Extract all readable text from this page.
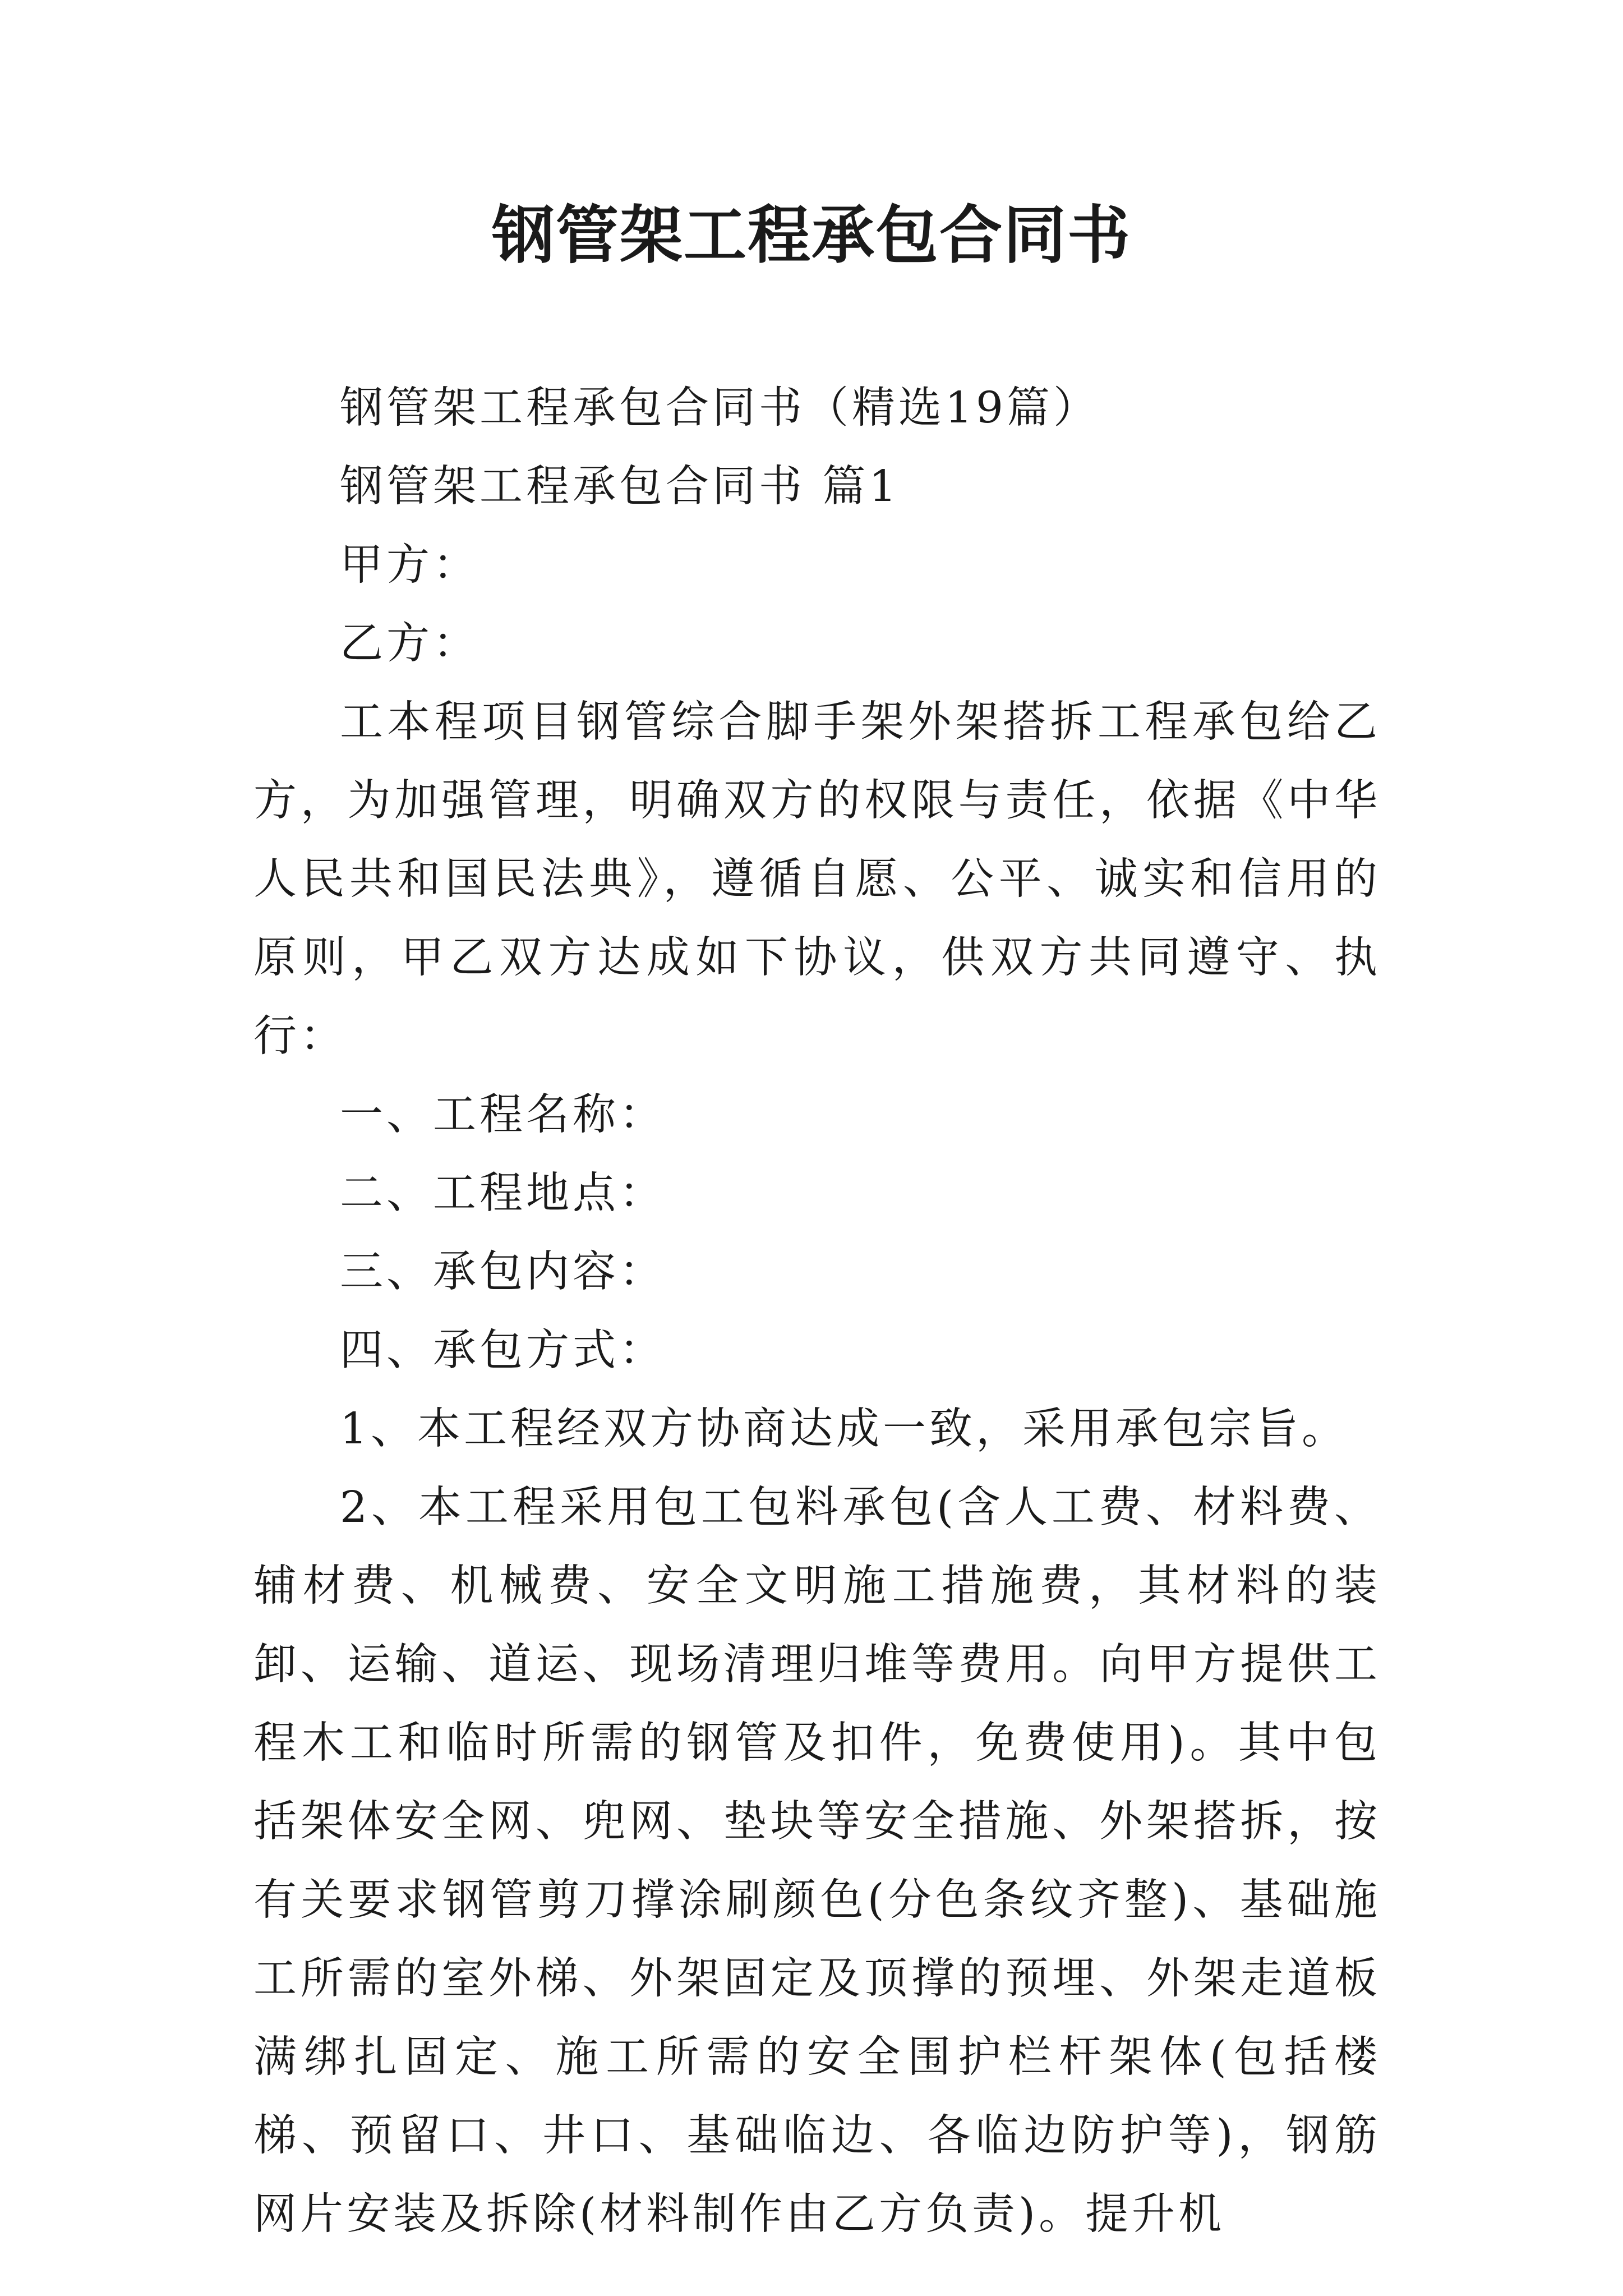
钢管架工程承包合同书

钢管架工程承包合同书（精选19篇）

钢管架工程承包合同书 篇1

甲方：

乙方：

工本程项目钢管综合脚手架外架搭拆工程承包给乙方，为加强管理，明确双方的权限与责任，依据《中华人民共和国民法典》，遵循自愿、公平、诚实和信用的原则，甲乙双方达成如下协议，供双方共同遵守、执行：

一、工程名称：

二、工程地点：

三、承包内容：

四、承包方式：

1、本工程经双方协商达成一致，采用承包宗旨。

2、本工程采用包工包料承包(含人工费、材料费、辅材费、机械费、安全文明施工措施费，其材料的装卸、运输、道运、现场清理归堆等费用。向甲方提供工程木工和临时所需的钢管及扣件，免费使用)。其中包括架体安全网、兜网、垫块等安全措施、外架搭拆，按有关要求钢管剪刀撑涂刷颜色(分色条纹齐整)、基础施工所需的室外梯、外架固定及顶撑的预埋、外架走道板满绑扎固定、施工所需的安全围护栏杆架体(包括楼梯、预留口、井口、基础临边、各临边防护等)，钢筋网片安装及拆除(材料制作由乙方负责)。提升机
